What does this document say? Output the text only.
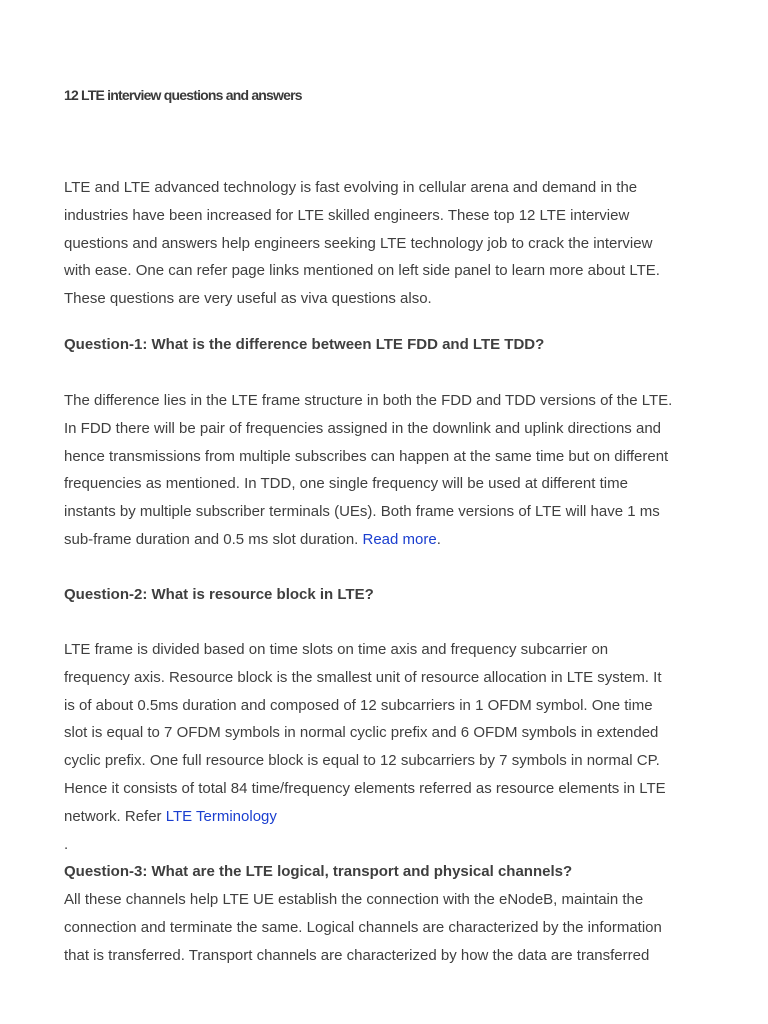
12 LTE interview questions and answers

LTE and LTE advanced technology is fast evolving in cellular arena and demand in the
industries have been increased for LTE skilled engineers. These top 12 LTE interview
questions and answers help engineers seeking LTE technology job to crack the interview
with ease. One can refer page links mentioned on left side panel to learn more about LTE.
These questions are very useful as viva questions also.

Question-1: What is the difference between LTE FDD and LTE TDD?

The difference lies in the LTE frame structure in both the FDD and TDD versions of the LTE.
In FDD there will be pair of frequencies assigned in the downlink and uplink directions and
hence transmissions from multiple subscribes can happen at the same time but on different
frequencies as mentioned. In TDD, one single frequency will be used at different time
instants by multiple subscriber terminals (UEs). Both frame versions of LTE will have 1 ms
sub-frame duration and 0.5 ms slot duration. Read more.

Question-2: What is resource block in LTE?

LTE frame is divided based on time slots on time axis and frequency subcarrier on
frequency axis. Resource block is the smallest unit of resource allocation in LTE system. It
is of about 0.5ms duration and composed of 12 subcarriers in 1 OFDM symbol. One time
slot is equal to 7 OFDM symbols in normal cyclic prefix and 6 OFDM symbols in extended
cyclic prefix. One full resource block is equal to 12 subcarriers by 7 symbols in normal CP.
Hence it consists of total 84 time/frequency elements referred as resource elements in LTE
network. Refer LTE Terminology
.

Question-3: What are the LTE logical, transport and physical channels?

All these channels help LTE UE establish the connection with the eNodeB, maintain the
connection and terminate the same. Logical channels are characterized by the information
that is transferred. Transport channels are characterized by how the data are transferred
